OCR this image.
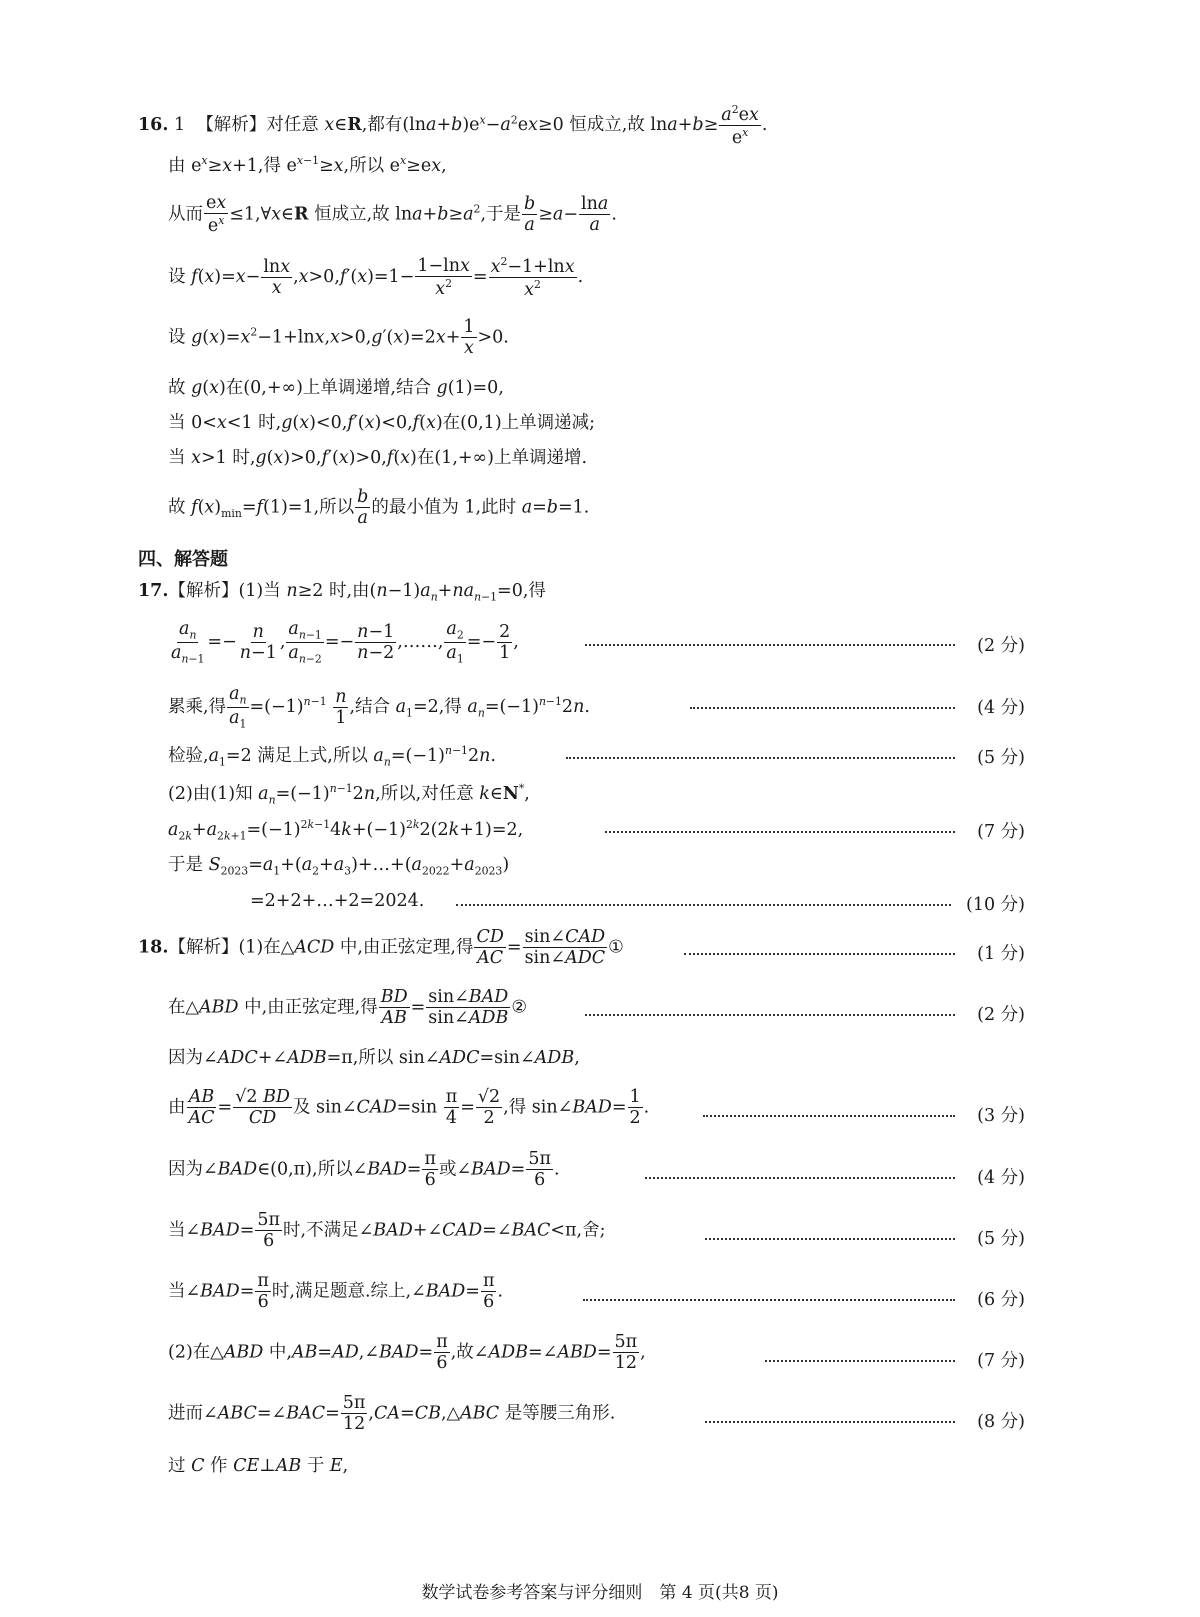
16. 1 【解析】对任意 x∈R,都有$(\ln a+b)e^x-a^2ex\ge 0$ 恒成立,故 $\ln a+b\ge \frac{a^2ex}{e^x}$ .
由 $e^x\ge x+1$,得 $e^{x-1}\ge x$,所以 $e^x\ge ex$,
从而 $\frac{ex}{e^x}$ ≤1,∀x∈R 恒成立,故 $\ln a+b\ge a^2$,于是 $\frac{b}{a} \ge a- \frac{\ln a}{a}$ .
设 $f(x)=x- \frac{\ln x}{x} ,x>0,f'(x)=1- \frac{1-\ln x}{x^2} = \frac{x^2-1+\ln x}{x^2}$ .
设 $g(x)=x^2-1+\ln x,x>0,g'(x)=2x+ \frac{1}{x} >0$.
故 g(x)在(0,+∞)上单调递增,结合 g(1)=0,
当 0<x<1 时,g(x)<0,f′(x)<0,f(x)在(0,1)上单调递减;
当 x>1 时,g(x)>0,f′(x)>0,f(x)在(1,+∞)上单调递增.
故 $f(x)_{min}=f(1)=1$,所以 $\frac{b}{a}$ 的最小值为 1,此时 a=b=1.
四、解答题
17.【解析】(1)当 n≥2 时,由$(n-1)a_n+na_{n-1}=0$,得
$\frac{a_n}{a_{n-1}} =- \frac{n}{n-1}$ , $\frac{a_{n-1}}{a_{n-2}} =- \frac{n-1}{n-2}$ ,……, $\frac{a_2}{a_1} =- \frac{2}{1}$ ,	(2 分)
累乘,得 $\frac{a_n}{a_1} =(-1)^{n-1} \frac{n}{1}$ ,结合 $a_1=2$,得 $a_n=(-1)^{n-1}2n$.	(4 分)
检验$,a_1=2$ 满足上式,所以 $a_n=(-1)^{n-1}2n$.	(5 分)
(2)由(1)知 $a_n=(-1)^{n-1}2n$,所以,对任意 k∈N*,
$a_{2k}+a_{2k+1}=(-1)^{2k-1}4k+(-1)^{2k}2(2k+1)=2$,	(7 分)
于是 $S_{2023}=a_1+(a_2+a_3)+\dots+(a_{2022}+a_{2023})$
=2+2+…+2=2024.	(10 分)
18.【解析】(1)在△ACD 中,由正弦定理,得 $\frac{CD}{AC}$ =
sin∠CAD
sin∠ADC
①	(1 分)
在△ABD 中,由正弦定理,得 $\frac{BD}{AB}$ =
sin∠BAD
sin∠ADB
②	(2 分)
因为∠ADC+∠ADB=π,所以 sin∠ADC=sin∠ADB,
由 $\frac{AB}{AC} = \frac{√2 BD}{CD}$ 及 sin∠CAD=sin $\frac{\pi}{4} = \frac{√2}{2}$ ,得 sin∠BAD= $\frac{1}{2}$ .	(3 分)
因为∠BAD∈(0,π),所以∠BAD= $\frac{\pi}{6}$ 或∠BAD= $\frac{5\pi}{6}$ .	(4 分)
当∠BAD= $\frac{5\pi}{6}$ 时,不满足∠BAD+∠CAD=∠BAC<π,舍;	(5 分)
当∠BAD= $\frac{\pi}{6}$ 时,满足题意.综上,∠BAD= $\frac{\pi}{6}$ .	(6 分)
(2)在△ABD 中,AB=AD,∠BAD= $\frac{\pi}{6}$ ,故∠ADB=∠ABD= $\frac{5\pi}{12}$ ,	(7 分)
进而∠ABC=∠BAC= $\frac{5\pi}{12}$ ,CA=CB,△ABC 是等腰三角形.	(8 分)
过 C 作 CE⊥AB 于 E,
数学试卷参考答案与评分细则　第 4 页(共8 页)
